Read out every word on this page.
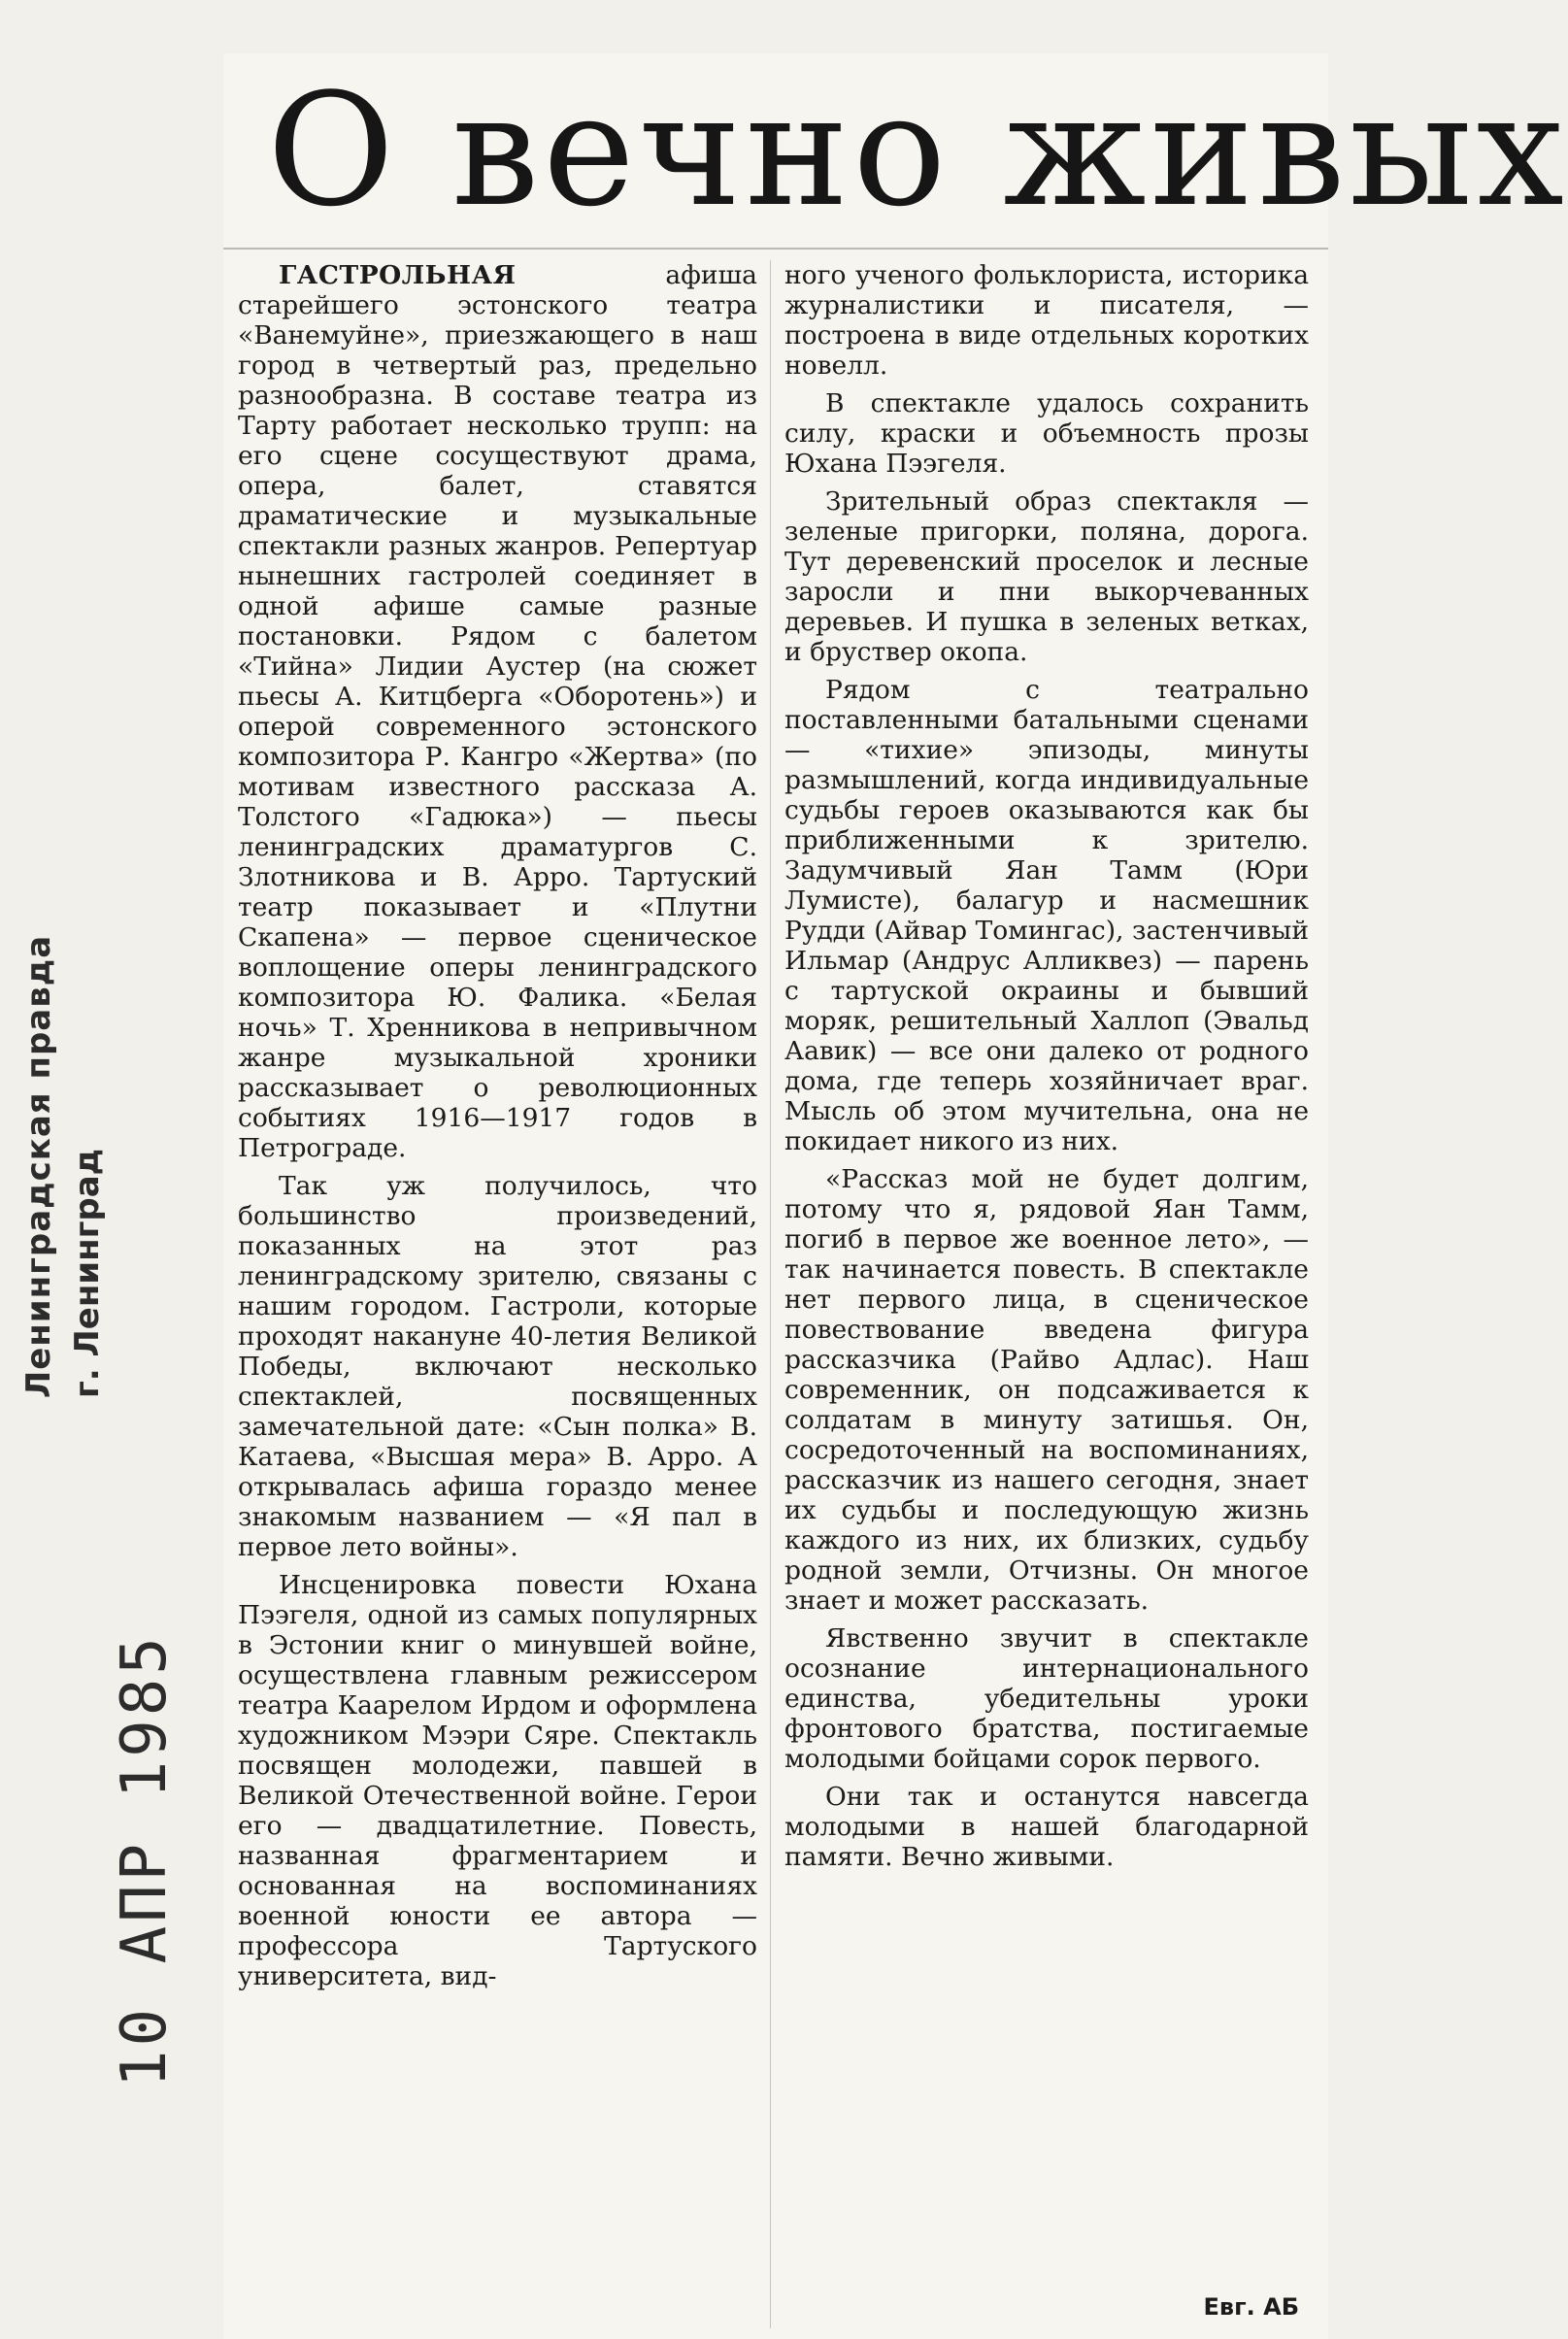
Ленинградская правда г. Ленинград
10 АПР 1985
О вечно живых

ГАСТРОЛЬНАЯ афиша старейшего эстонского театра «Ванемуйне», приезжающего в наш город в четвертый раз, предельно разнообразна. В составе театра из Тарту работает несколько трупп: на его сцене сосуществуют драма, опера, балет, ставятся драматические и музыкальные спектакли разных жанров. Репертуар нынешних гастролей соединяет в одной афише самые разные постановки. Рядом с балетом «Тийна» Лидии Аустер (на сюжет пьесы А. Китцберга «Оборотень») и оперой современного эстонского композитора Р. Кангро «Жертва» (по мотивам известного рассказа А. Толстого «Гадюка») — пьесы ленинградских драматургов С. Злотникова и В. Арро. Тартуский театр показывает и «Плутни Скапена» — первое сценическое воплощение оперы ленинградского композитора Ю. Фалика. «Белая ночь» Т. Хренникова в непривычном жанре музыкальной хроники рассказывает о революционных событиях 1916—1917 годов в Петрограде.

Так уж получилось, что большинство произведений, показанных на этот раз ленинградскому зрителю, связаны с нашим городом. Гастроли, которые проходят накануне 40-летия Великой Победы, включают несколько спектаклей, посвященных замечательной дате: «Сын полка» В. Катаева, «Высшая мера» В. Арро. А открывалась афиша гораздо менее знакомым названием — «Я пал в первое лето войны».

Инсценировка повести Юхана Пээгеля, одной из самых популярных в Эстонии книг о минувшей войне, осуществлена главным режиссером театра Каарелом Ирдом и оформлена художником Мээри Сяре. Спектакль посвящен молодежи, павшей в Великой Отечественной войне. Герои его — двадцатилетние. Повесть, названная фрагментарием и основанная на воспоминаниях военной юности ее автора — профессора Тартуского университета, вид-

ного ученого фольклориста, историка журналистики и писателя, — построена в виде отдельных коротких новелл.

В спектакле удалось сохранить силу, краски и объемность прозы Юхана Пээгеля.

Зрительный образ спектакля — зеленые пригорки, поляна, дорога. Тут деревенский проселок и лесные заросли и пни выкорчеванных деревьев. И пушка в зеленых ветках, и бруствер окопа.

Рядом с театрально поставленными батальными сценами — «тихие» эпизоды, минуты размышлений, когда индивидуальные судьбы героев оказываются как бы приближенными к зрителю. Задумчивый Яан Тамм (Юри Лумисте), балагур и насмешник Рудди (Айвар Томингас), застенчивый Ильмар (Андрус Алликвез) — парень с тартуской окраины и бывший моряк, решительный Халлоп (Эвальд Аавик) — все они далеко от родного дома, где теперь хозяйничает враг. Мысль об этом мучительна, она не покидает никого из них.

«Рассказ мой не будет долгим, потому что я, рядовой Яан Тамм, погиб в первое же военное лето», — так начинается повесть. В спектакле нет первого лица, в сценическое повествование введена фигура рассказчика (Райво Адлас). Наш современник, он подсаживается к солдатам в минуту затишья. Он, сосредоточенный на воспоминаниях, рассказчик из нашего сегодня, знает их судьбы и последующую жизнь каждого из них, их близких, судьбу родной земли, Отчизны. Он многое знает и может рассказать.

Явственно звучит в спектакле осознание интернационального единства, убедительны уроки фронтового братства, постигаемые молодыми бойцами сорок первого.

Они так и останутся навсегда молодыми в нашей благодарной памяти. Вечно живыми.

Евг. АБ
